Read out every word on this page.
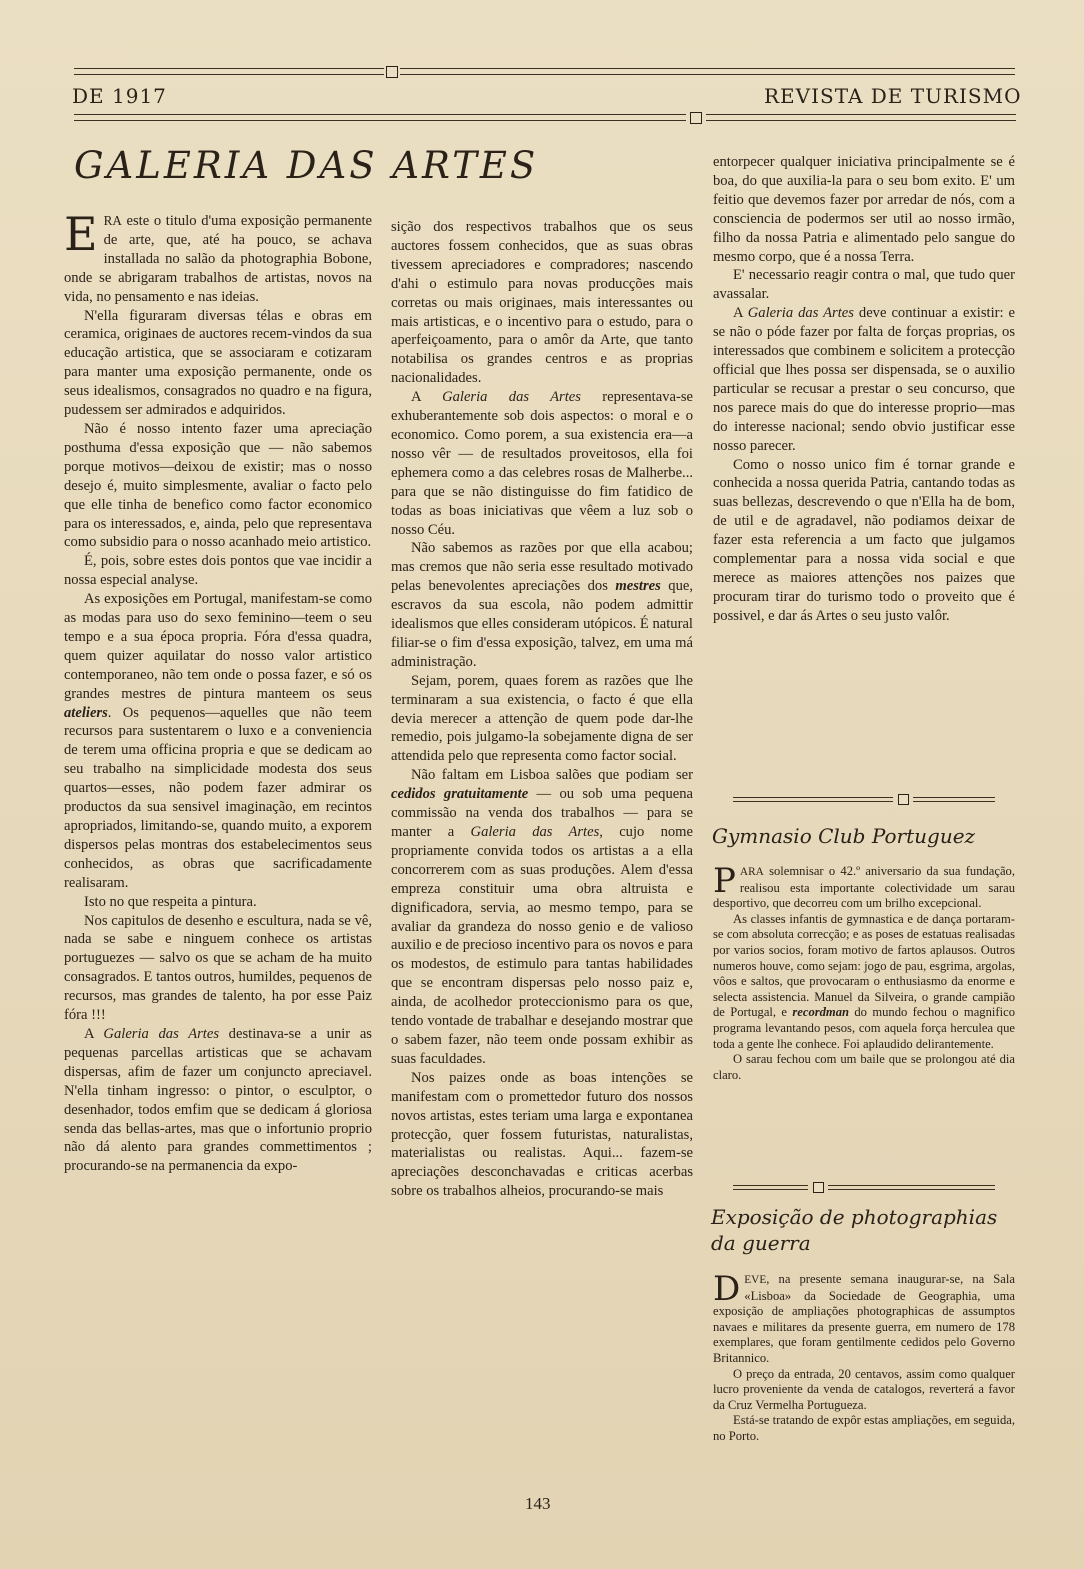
DE 1917	REVISTA DE TURISMO
GALERIA DAS ARTES

ERA este o titulo d'uma exposição permanente de arte, que, até ha pouco, se achava installada no salão da photographia Bobone, onde se abrigaram trabalhos de artistas, novos na vida, no pensamento e nas ideias.

N'ella figuraram diversas télas e obras em ceramica, originaes de auctores recem-vindos da sua educação artistica, que se associaram e cotizaram para manter uma exposição permanente, onde os seus idealismos, consagrados no quadro e na figura, pudessem ser admirados e adquiridos.

Não é nosso intento fazer uma apreciação posthuma d'essa exposição que — não sabemos porque motivos—deixou de existir; mas o nosso desejo é, muito simplesmente, avaliar o facto pelo que elle tinha de benefico como factor economico para os interessados, e, ainda, pelo que representava como subsidio para o nosso acanhado meio artistico.

É, pois, sobre estes dois pontos que vae incidir a nossa especial analyse.

As exposições em Portugal, manifestam-se como as modas para uso do sexo feminino—teem o seu tempo e a sua época propria. Fóra d'essa quadra, quem quizer aquilatar do nosso valor artistico contemporaneo, não tem onde o possa fazer, e só os grandes mestres de pintura manteem os seus ateliers. Os pequenos—aquelles que não teem recursos para sustentarem o luxo e a conveniencia de terem uma officina propria e que se dedicam ao seu trabalho na simplicidade modesta dos seus quartos—esses, não podem fazer admirar os productos da sua sensivel imaginação, em recintos apropriados, limitando-se, quando muito, a exporem dispersos pelas montras dos estabelecimentos seus conhecidos, as obras que sacrificadamente realisaram.

Isto no que respeita a pintura.

Nos capitulos de desenho e escultura, nada se vê, nada se sabe e ninguem conhece os artistas portuguezes — salvo os que se acham de ha muito consagrados. E tantos outros, humildes, pequenos de recursos, mas grandes de talento, ha por esse Paiz fóra !!!

A Galeria das Artes destinava-se a unir as pequenas parcellas artisticas que se achavam dispersas, afim de fazer um conjuncto apreciavel. N'ella tinham ingresso: o pintor, o esculptor, o desenhador, todos emfim que se dedicam á gloriosa senda das bellas-artes, mas que o infortunio proprio não dá alento para grandes commettimentos ; procurando-se na permanencia da expo-

sição dos respectivos trabalhos que os seus auctores fossem conhecidos, que as suas obras tivessem apreciadores e compradores; nascendo d'ahi o estimulo para novas producções mais corretas ou mais originaes, mais interessantes ou mais artisticas, e o incentivo para o estudo, para o aperfeiçoamento, para o amôr da Arte, que tanto notabilisa os grandes centros e as proprias nacionalidades.

A Galeria das Artes representava-se exhuberantemente sob dois aspectos: o moral e o economico. Como porem, a sua existencia era—a nosso vêr — de resultados proveitosos, ella foi ephemera como a das celebres rosas de Malherbe... para que se não distinguisse do fim fatidico de todas as boas iniciativas que vêem a luz sob o nosso Céu.

Não sabemos as razões por que ella acabou; mas cremos que não seria esse resultado motivado pelas benevolentes apreciações dos mestres que, escravos da sua escola, não podem admittir idealismos que elles consideram utópicos. É natural filiar-se o fim d'essa exposição, talvez, em uma má administração.

Sejam, porem, quaes forem as razões que lhe terminaram a sua existencia, o facto é que ella devia merecer a attenção de quem pode dar-lhe remedio, pois julgamo-la sobejamente digna de ser attendida pelo que representa como factor social.

Não faltam em Lisboa salões que podiam ser cedidos gratuitamente — ou sob uma pequena commissão na venda dos trabalhos — para se manter a Galeria das Artes, cujo nome propriamente convida todos os artistas a a ella concorrerem com as suas produções. Alem d'essa empreza constituir uma obra altruista e dignificadora, servia, ao mesmo tempo, para se avaliar da grandeza do nosso genio e de valioso auxilio e de precioso incentivo para os novos e para os modestos, de estimulo para tantas habilidades que se encontram dispersas pelo nosso paiz e, ainda, de acolhedor proteccionismo para os que, tendo vontade de trabalhar e desejando mostrar que o sabem fazer, não teem onde possam exhibir as suas faculdades.

Nos paizes onde as boas intenções se manifestam com o promettedor futuro dos nossos novos artistas, estes teriam uma larga e expontanea protecção, quer fossem futuristas, naturalistas, materialistas ou realistas. Aqui... fazem-se apreciações desconchavadas e criticas acerbas sobre os trabalhos alheios, procurando-se mais

entorpecer qualquer iniciativa principalmente se é boa, do que auxilia-la para o seu bom exito. E' um feitio que devemos fazer por arredar de nós, com a consciencia de podermos ser util ao nosso irmão, filho da nossa Patria e alimentado pelo sangue do mesmo corpo, que é a nossa Terra.

E' necessario reagir contra o mal, que tudo quer avassalar.

A Galeria das Artes deve continuar a existir: e se não o póde fazer por falta de forças proprias, os interessados que combinem e solicitem a protecção official que lhes possa ser dispensada, se o auxilio particular se recusar a prestar o seu concurso, que nos parece mais do que do interesse proprio—mas do interesse nacional; sendo obvio justificar esse nosso parecer.

Como o nosso unico fim é tornar grande e conhecida a nossa querida Patria, cantando todas as suas bellezas, descrevendo o que n'Ella ha de bom, de util e de agradavel, não podiamos deixar de fazer esta referencia a um facto que julgamos complementar para a nossa vida social e que merece as maiores attenções nos paizes que procuram tirar do turismo todo o proveito que é possivel, e dar ás Artes o seu justo valôr.

Gymnasio Club Portuguez

PARA solemnisar o 42.º aniversario da sua fundação, realisou esta importante colectividade um sarau desportivo, que decorreu com um brilho excepcional.

As classes infantis de gymnastica e de dança portaram-se com absoluta correcção; e as poses de estatuas realisadas por varios socios, foram motivo de fartos aplausos. Outros numeros houve, como sejam: jogo de pau, esgrima, argolas, vôos e saltos, que provocaram o enthusiasmo da enorme e selecta assistencia. Manuel da Silveira, o grande campião de Portugal, e recordman do mundo fechou o magnifico programa levantando pesos, com aquela força herculea que toda a gente lhe conhece. Foi aplaudido delirantemente.

O sarau fechou com um baile que se prolongou até dia claro.

Exposição de photographias da guerra

DEVE, na presente semana inaugurar-se, na Sala «Lisboa» da Sociedade de Geographia, uma exposição de ampliações photographicas de assumptos navaes e militares da presente guerra, em numero de 178 exemplares, que foram gentilmente cedidos pelo Governo Britannico.

O preço da entrada, 20 centavos, assim como qualquer lucro proveniente da venda de catalogos, reverterá a favor da Cruz Vermelha Portugueza.

Está-se tratando de expôr estas ampliações, em seguida, no Porto.

143
